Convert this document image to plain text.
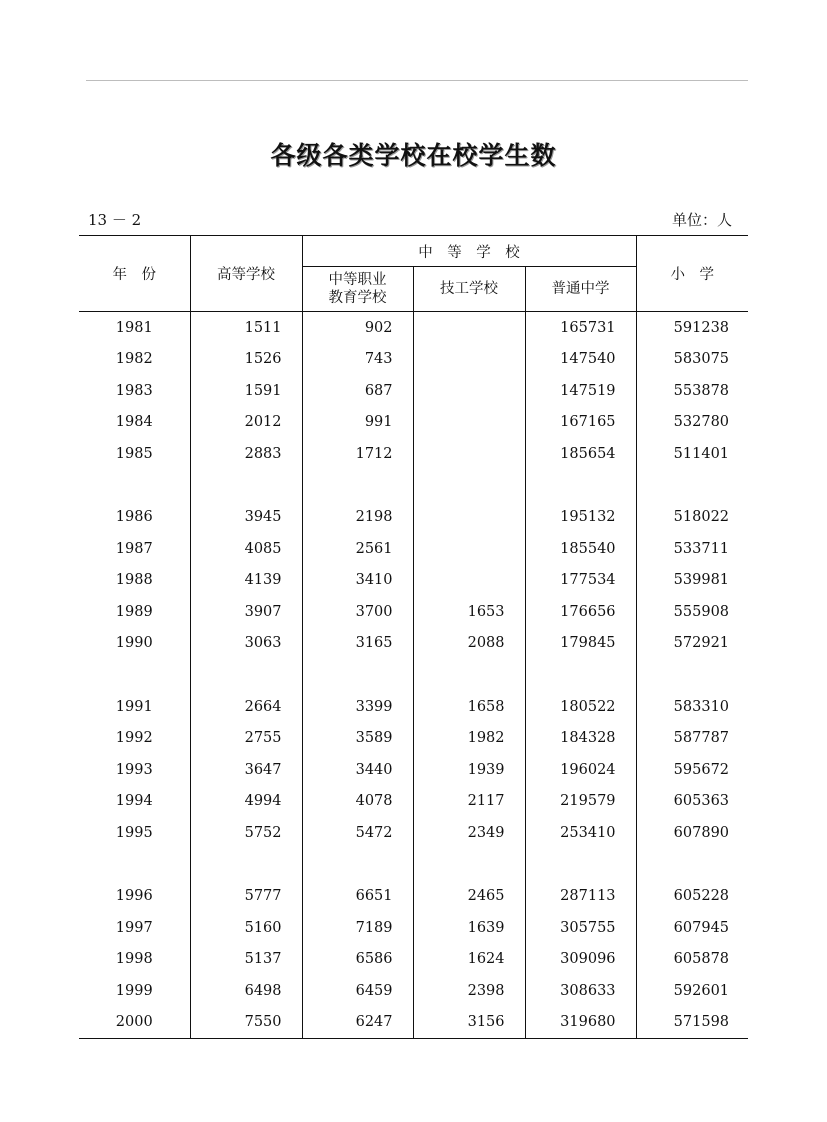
各级各类学校在校学生数
13 － 2	单位：人
年　份	高等学校	中　等　学　校			小　学

		中等职业
教育学校	技工学校	普通中学	
1981	1511	902		165731	591238
1982	1526	743		147540	583075
1983	1591	687		147519	553878
1984	2012	991		167165	532780
1985	2883	1712		185654	511401

1986	3945	2198		195132	518022
1987	4085	2561		185540	533711
1988	4139	3410		177534	539981
1989	3907	3700	1653	176656	555908
1990	3063	3165	2088	179845	572921

1991	2664	3399	1658	180522	583310
1992	2755	3589	1982	184328	587787
1993	3647	3440	1939	196024	595672
1994	4994	4078	2117	219579	605363
1995	5752	5472	2349	253410	607890

1996	5777	6651	2465	287113	605228
1997	5160	7189	1639	305755	607945
1998	5137	6586	1624	309096	605878
1999	6498	6459	2398	308633	592601
2000	7550	6247	3156	319680	571598
